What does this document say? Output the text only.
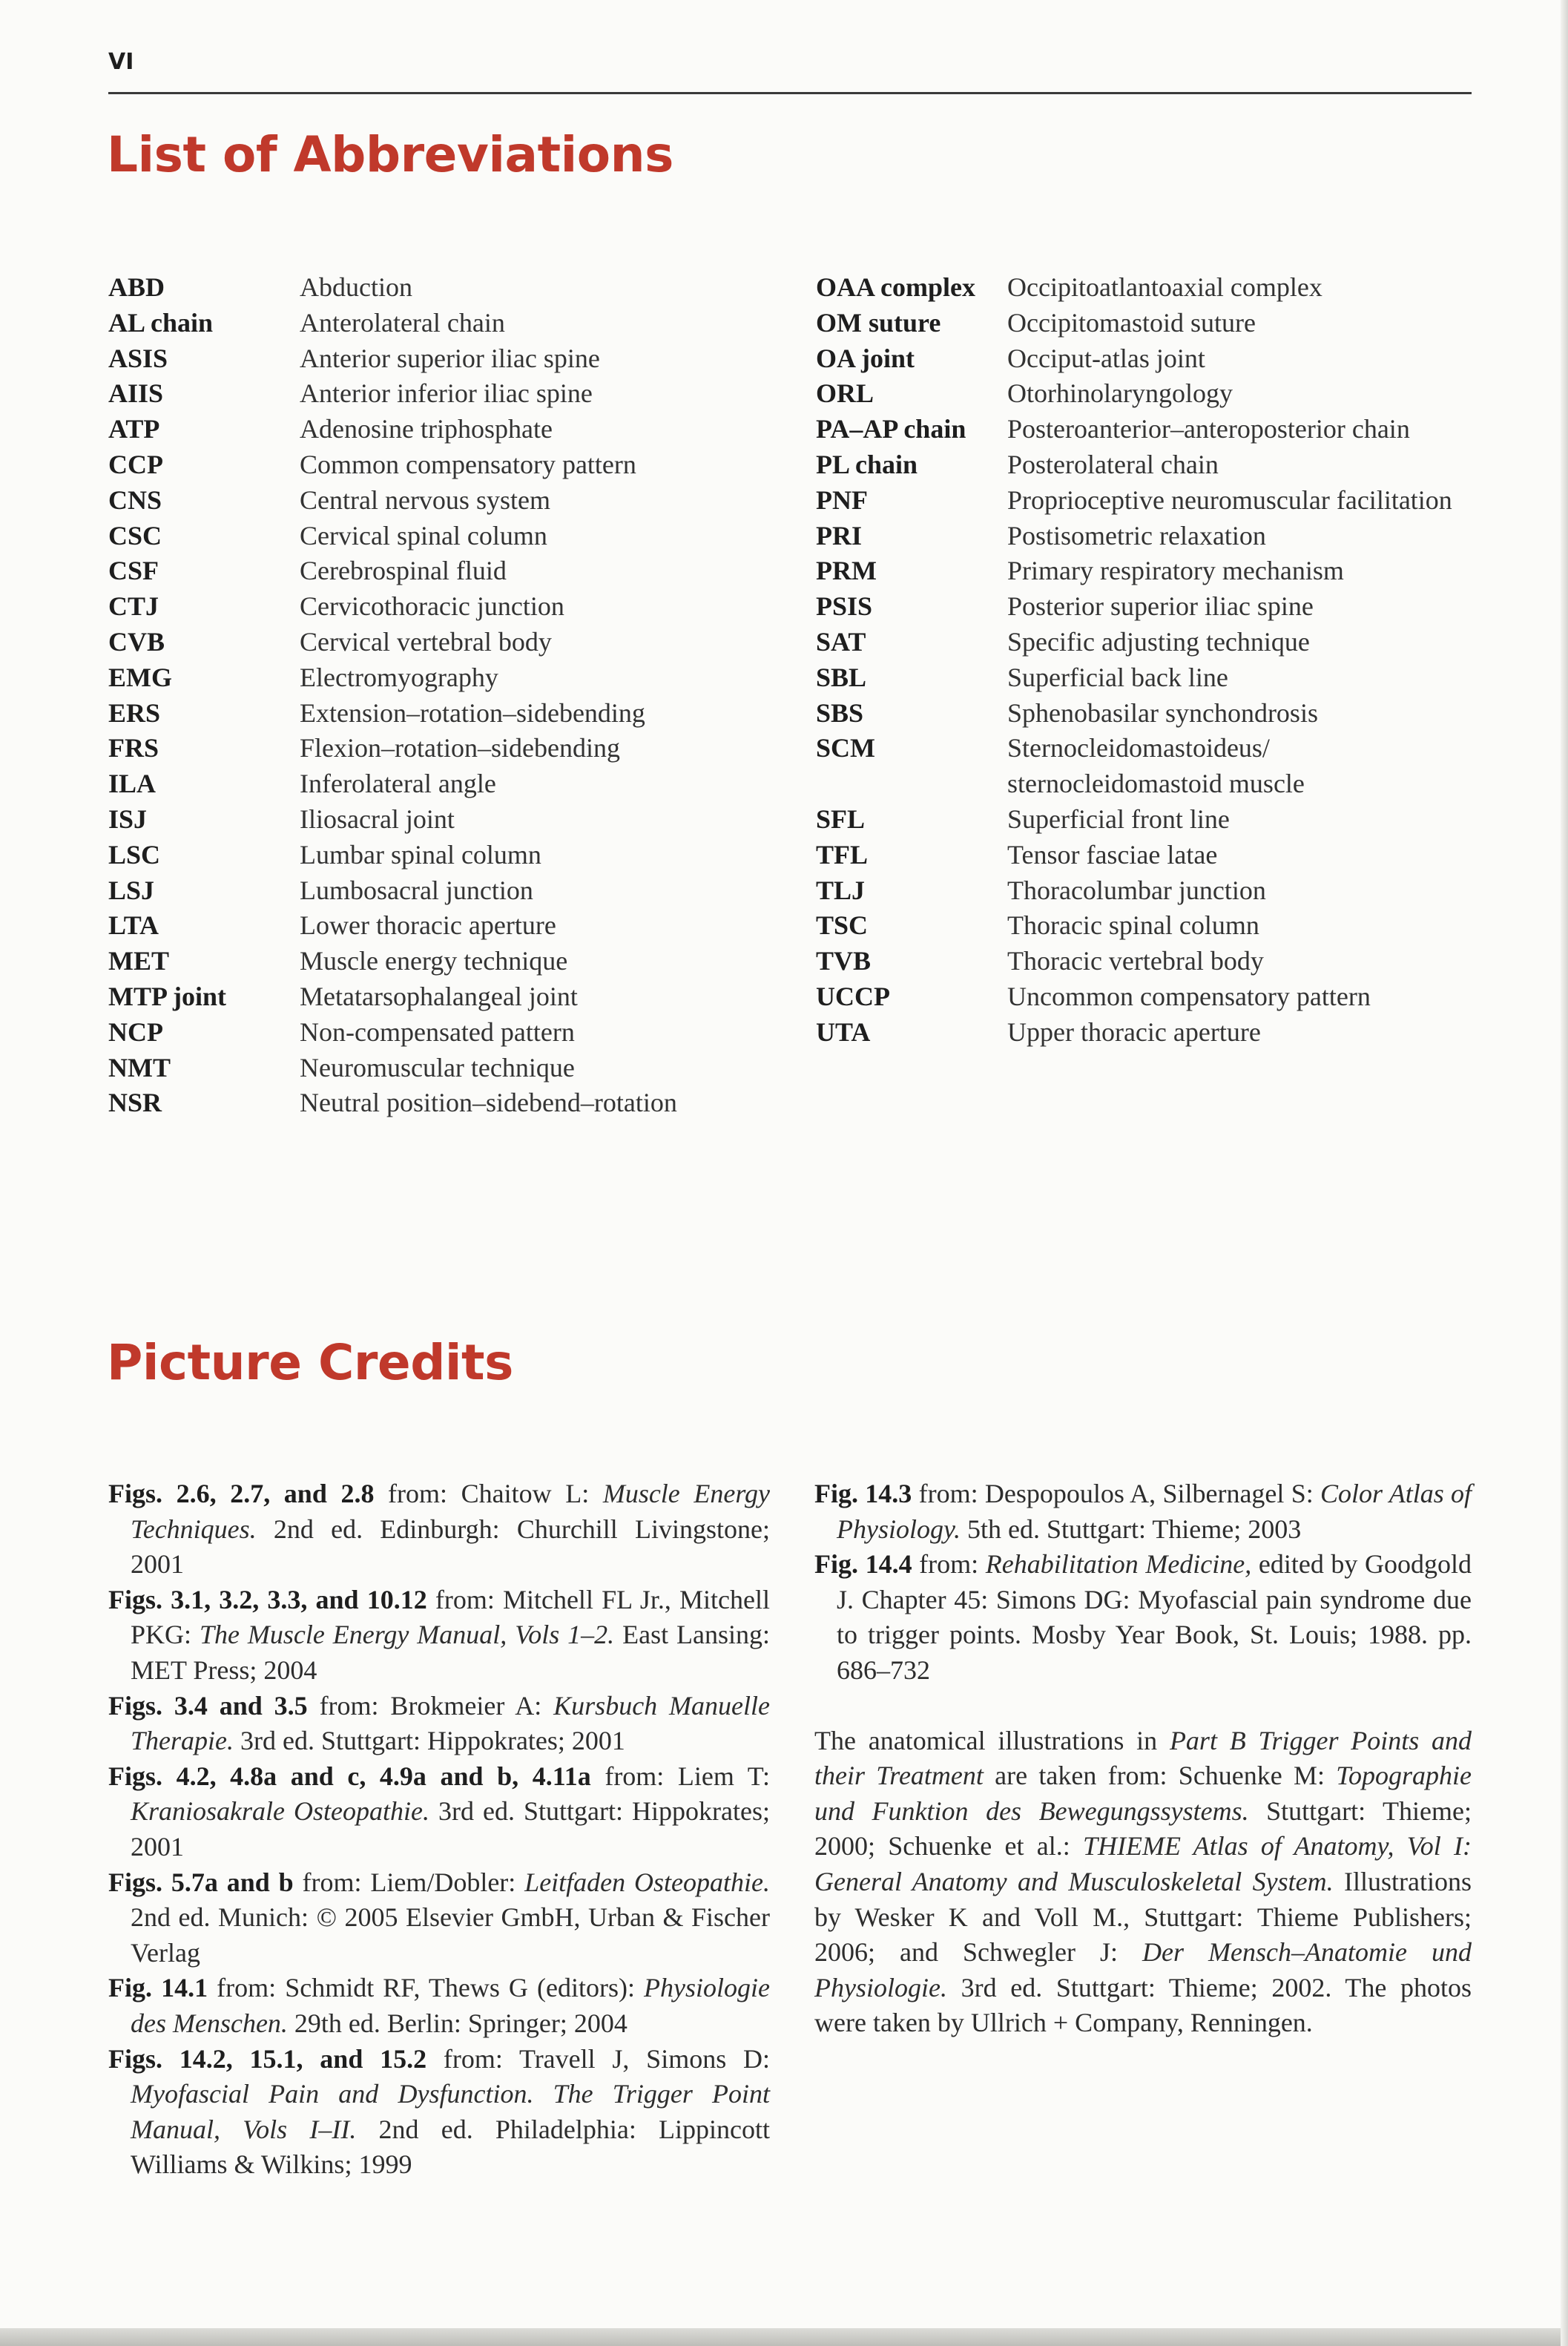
VI
List of Abbreviations
ABD	Abduction
AL chain	Anterolateral chain
ASIS	Anterior superior iliac spine
AIIS	Anterior inferior iliac spine
ATP	Adenosine triphosphate
CCP	Common compensatory pattern
CNS	Central nervous system
CSC	Cervical spinal column
CSF	Cerebrospinal fluid
CTJ	Cervicothoracic junction
CVB	Cervical vertebral body
EMG	Electromyography
ERS	Extension–rotation–sidebending
FRS	Flexion–rotation–sidebending
ILA	Inferolateral angle
ISJ	Iliosacral joint
LSC	Lumbar spinal column
LSJ	Lumbosacral junction
LTA	Lower thoracic aperture
MET	Muscle energy technique
MTP joint	Metatarsophalangeal joint
NCP	Non-compensated pattern
NMT	Neuromuscular technique
NSR	Neutral position–sidebend–rotation
OAA complex	Occipitoatlantoaxial complex
OM suture	Occipitomastoid suture
OA joint	Occiput-atlas joint
ORL	Otorhinolaryngology
PA–AP chain	Posteroanterior–anteroposterior chain
PL chain	Posterolateral chain
PNF	Proprioceptive neuromuscular facilitation
PRI	Postisometric relaxation
PRM	Primary respiratory mechanism
PSIS	Posterior superior iliac spine
SAT	Specific adjusting technique
SBL	Superficial back line
SBS	Sphenobasilar synchondrosis
SCM	Sternocleidomastoideus/ sternocleidomastoid muscle
SFL	Superficial front line
TFL	Tensor fasciae latae
TLJ	Thoracolumbar junction
TSC	Thoracic spinal column
TVB	Thoracic vertebral body
UCCP	Uncommon compensatory pattern
UTA	Upper thoracic aperture
Picture Credits
Figs. 2.6, 2.7, and 2.8 from: Chaitow L: Muscle Energy Techniques. 2nd ed. Edinburgh: Churchill Livingstone; 2001
Figs. 3.1, 3.2, 3.3, and 10.12 from: Mitchell FL Jr., Mitchell PKG: The Muscle Energy Manual, Vols 1–2. East Lansing: MET Press; 2004
Figs. 3.4 and 3.5 from: Brokmeier A: Kursbuch Manuelle Therapie. 3rd ed. Stuttgart: Hippokrates; 2001
Figs. 4.2, 4.8a and c, 4.9a and b, 4.11a from: Liem T: Kraniosakrale Osteopathie. 3rd ed. Stuttgart: Hippokrates; 2001
Figs. 5.7a and b from: Liem/Dobler: Leitfaden Osteopathie. 2nd ed. Munich: © 2005 Elsevier GmbH, Urban & Fischer Verlag
Fig. 14.1 from: Schmidt RF, Thews G (editors): Physiologie des Menschen. 29th ed. Berlin: Springer; 2004
Figs. 14.2, 15.1, and 15.2 from: Travell J, Simons D: Myofascial Pain and Dysfunction. The Trigger Point Manual, Vols I–II. 2nd ed. Philadelphia: Lippincott Williams & Wilkins; 1999
Fig. 14.3 from: Despopoulos A, Silbernagel S: Color Atlas of Physiology. 5th ed. Stuttgart: Thieme; 2003
Fig. 14.4 from: Rehabilitation Medicine, edited by Goodgold J. Chapter 45: Simons DG: Myofascial pain syndrome due to trigger points. Mosby Year Book, St. Louis; 1988. pp. 686–732
The anatomical illustrations in Part B Trigger Points and their Treatment are taken from: Schuenke M: Topographie und Funktion des Bewegungssystems. Stuttgart: Thieme; 2000; Schuenke et al.: THIEME Atlas of Anatomy, Vol I: General Anatomy and Musculoskeletal System. Illustrations by Wesker K and Voll M., Stuttgart: Thieme Publishers; 2006; and Schwegler J: Der Mensch–Anatomie und Physiologie. 3rd ed. Stuttgart: Thieme; 2002. The photos were taken by Ullrich + Company, Renningen.
